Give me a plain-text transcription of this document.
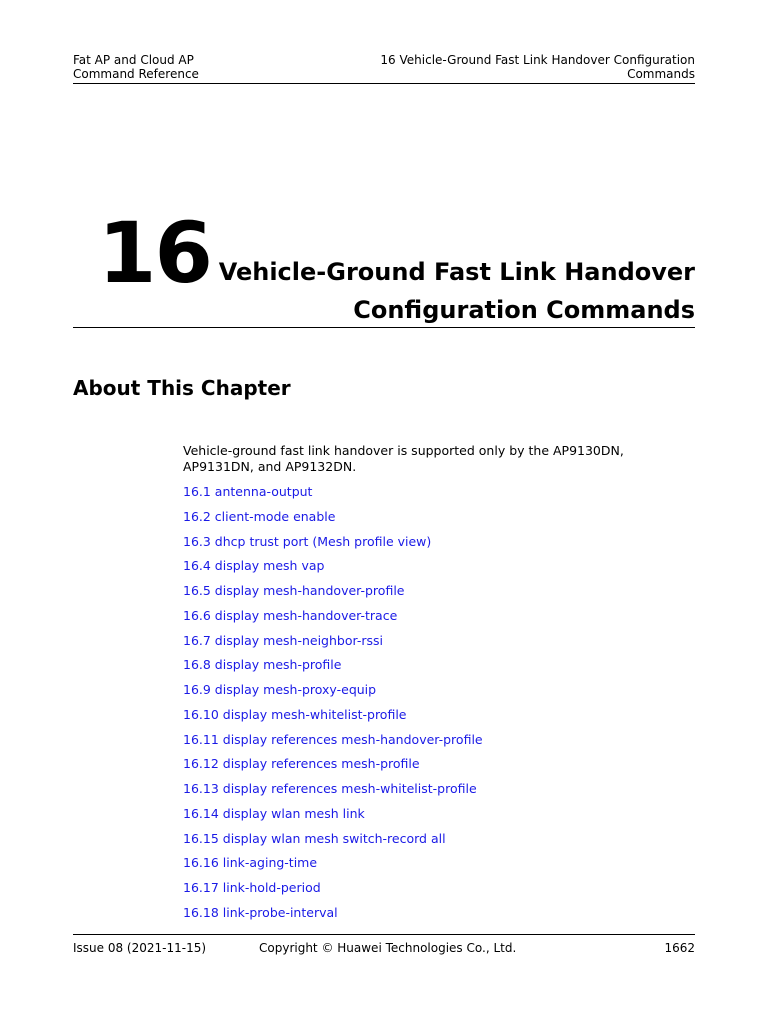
Fat AP and Cloud AP
Command Reference
16 Vehicle-Ground Fast Link Handover Configuration
Commands
16 Vehicle-Ground Fast Link Handover
Configuration Commands
About This Chapter
Vehicle-ground fast link handover is supported only by the AP9130DN, AP9131DN, and AP9132DN.
16.1 antenna-output
16.2 client-mode enable
16.3 dhcp trust port (Mesh profile view)
16.4 display mesh vap
16.5 display mesh-handover-profile
16.6 display mesh-handover-trace
16.7 display mesh-neighbor-rssi
16.8 display mesh-profile
16.9 display mesh-proxy-equip
16.10 display mesh-whitelist-profile
16.11 display references mesh-handover-profile
16.12 display references mesh-profile
16.13 display references mesh-whitelist-profile
16.14 display wlan mesh link
16.15 display wlan mesh switch-record all
16.16 link-aging-time
16.17 link-hold-period
16.18 link-probe-interval
Issue 08 (2021-11-15)	Copyright © Huawei Technologies Co., Ltd.	1662
